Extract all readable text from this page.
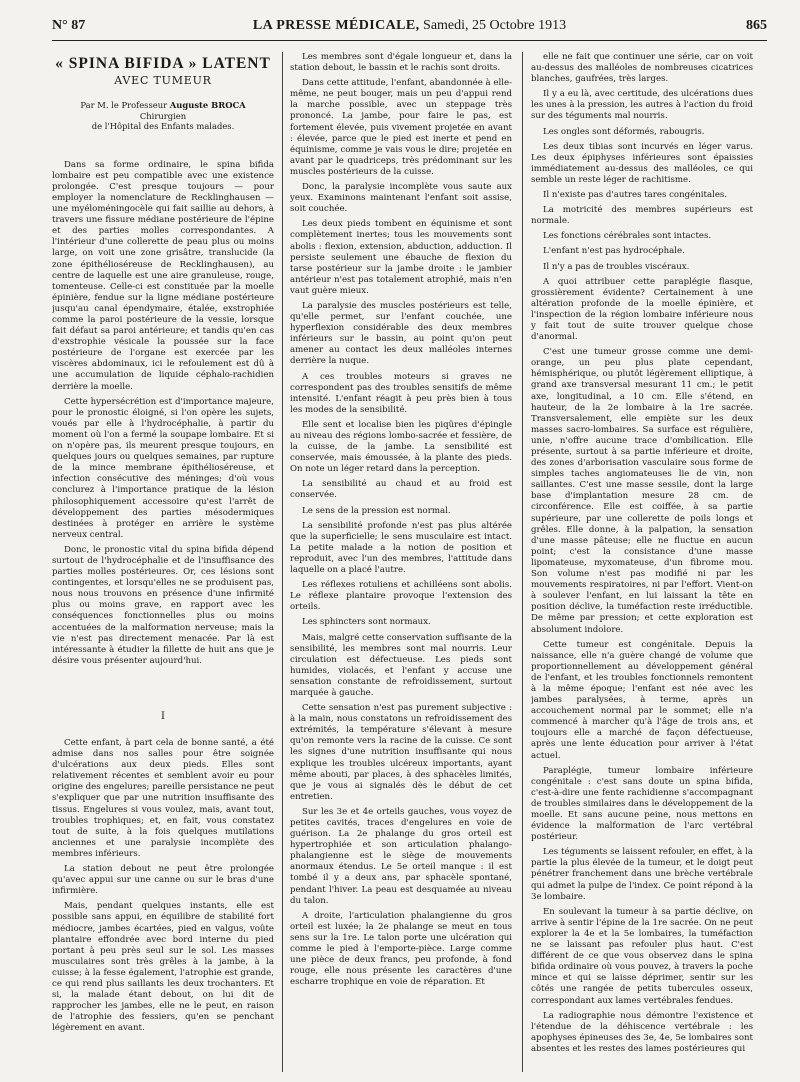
N° 87	LA PRESSE MÉDICALE, Samedi, 25 Octobre 1913	865
« SPINA BIFIDA » LATENT
AVEC TUMEUR
Par M. le Professeur Auguste BROCA
Chirurgien
de l'Hôpital des Enfants malades.

Dans sa forme ordinaire, le spina bifida lombaire est peu compatible avec une existence prolongée. C'est presque toujours — pour employer la nomenclature de Recklinghausen — une myéloméningocèle qui fait saillie au dehors, à travers une fissure médiane postérieure de l'épine et des parties molles correspondantes. A l'intérieur d'une collerette de peau plus ou moins large, on voit une zone grisâtre, translucide (la zone épithélioséreuse de Recklinghausen), au centre de laquelle est une aire granuleuse, rouge, tomenteuse. Celle-ci est constituée par la moelle épinière, fendue sur la ligne médiane postérieure jusqu'au canal épendymaire, étalée, exstrophiée comme la paroi postérieure de la vessie, lorsque fait défaut sa paroi antérieure; et tandis qu'en cas d'exstrophie vésicale la poussée sur la face postérieure de l'organe est exercée par les viscères abdominaux, ici le refoulement est dû à une accumulation de liquide céphalo-rachidien derrière la moelle.

Cette hypersécrétion est d'importance majeure, pour le pronostic éloigné, si l'on opère les sujets, voués par elle à l'hydrocéphalie, à partir du moment où l'on a fermé la soupape lombaire. Et si on n'opère pas, ils meurent presque toujours, en quelques jours ou quelques semaines, par rupture de la mince membrane épithélioséreuse, et infection consécutive des méninges; d'où vous conclurez à l'importance pratique de la lésion philosophiquement accessoire qu'est l'arrêt de développement des parties mésodermiques destinées à protéger en arrière le système nerveux central.

Donc, le pronostic vital du spina bifida dépend surtout de l'hydrocéphalie et de l'insuffisance des parties molles postérieures. Or, ces lésions sont contingentes, et lorsqu'elles ne se produisent pas, nous nous trouvons en présence d'une infirmité plus ou moins grave, en rapport avec les conséquences fonctionnelles plus ou moins accentuées de la malformation nerveuse; mais la vie n'est pas directement menacée. Par là est intéressante à étudier la fillette de huit ans que je désire vous présenter aujourd'hui.

I

Cette enfant, à part cela de bonne santé, a été admise dans nos salles pour être soignée d'ulcérations aux deux pieds. Elles sont relativement récentes et semblent avoir eu pour origine des engelures; pareille persistance ne peut s'expliquer que par une nutrition insuffisante des tissus. Engelures si vous voulez, mais, avant tout, troubles trophiques; et, en fait, vous constatez tout de suite, à la fois quelques mutilations anciennes et une paralysie incomplète des membres inférieurs.

La station debout ne peut être prolongée qu'avec appui sur une canne ou sur le bras d'une infirmière.

Mais, pendant quelques instants, elle est possible sans appui, en équilibre de stabilité fort médiocre, jambes écartées, pied en valgus, voûte plantaire effondrée avec bord interne du pied portant à peu près seul sur le sol. Les masses musculaires sont très grêles à la jambe, à la cuisse; à la fesse également, l'atrophie est grande, ce qui rend plus saillants les deux trochanters. Et si, la malade étant debout, on lui dit de rapprocher les jambes, elle ne le peut, en raison de l'atrophie des fessiers, qu'en se penchant légèrement en avant.

Les membres sont d'égale longueur et, dans la station debout, le bassin et le rachis sont droits.

Dans cette attitude, l'enfant, abandonnée à elle-même, ne peut bouger, mais un peu d'appui rend la marche possible, avec un steppage très prononcé. La jambe, pour faire le pas, est fortement élevée, puis vivement projetée en avant : élevée, parce que le pied est inerte et pend en équinisme, comme je vais vous le dire; projetée en avant par le quadriceps, très prédominant sur les muscles postérieurs de la cuisse.

Donc, la paralysie incomplète vous saute aux yeux. Examinons maintenant l'enfant soit assise, soit couchée.

Les deux pieds tombent en équinisme et sont complètement inertes; tous les mouvements sont abolis : flexion, extension, abduction, adduction. Il persiste seulement une ébauche de flexion du tarse postérieur sur la jambe droite : le jambier antérieur n'est pas totalement atrophié, mais n'en vaut guère mieux.

La paralysie des muscles postérieurs est telle, qu'elle permet, sur l'enfant couchée, une hyperflexion considérable des deux membres inférieurs sur le bassin, au point qu'on peut amener au contact les deux malléoles internes derrière la nuque.

A ces troubles moteurs si graves ne correspondent pas des troubles sensitifs de même intensité. L'enfant réagit à peu près bien à tous les modes de la sensibilité.

Elle sent et localise bien les piqûres d'épingle au niveau des régions lombo-sacrée et fessière, de la cuisse, de la jambe. La sensibilité est conservée, mais émoussée, à la plante des pieds. On note un léger retard dans la perception.

La sensibilité au chaud et au froid est conservée.

Le sens de la pression est normal.

La sensibilité profonde n'est pas plus altérée que la superficielle; le sens musculaire est intact. La petite malade a la notion de position et reproduit, avec l'un des membres, l'attitude dans laquelle on a placé l'autre.

Les réflexes rotuliens et achilléens sont abolis. Le réflexe plantaire provoque l'extension des orteils.

Les sphincters sont normaux.

Mais, malgré cette conservation suffisante de la sensibilité, les membres sont mal nourris. Leur circulation est défectueuse. Les pieds sont humides, violacés, et l'enfant y accuse une sensation constante de refroidissement, surtout marquée à gauche.

Cette sensation n'est pas purement subjective : à la main, nous constatons un refroidissement des extrémités, la température s'élevant à mesure qu'on remonte vers la racine de la cuisse. Ce sont les signes d'une nutrition insuffisante qui nous explique les troubles ulcéreux importants, ayant même abouti, par places, à des sphacèles limités, que je vous ai signalés dès le début de cet entretien.

Sur les 3e et 4e orteils gauches, vous voyez de petites cavités, traces d'engelures en voie de guérison. La 2e phalange du gros orteil est hypertrophiée et son articulation phalango-phalangienne est le siège de mouvements anormaux étendus. Le 5e orteil manque : il est tombé il y a deux ans, par sphacèle spontané, pendant l'hiver. La peau est desquamée au niveau du talon.

A droite, l'articulation phalangienne du gros orteil est luxée; la 2e phalange se meut en tous sens sur la 1re. Le talon porte une ulcération qui comme le pied à l'emporte-pièce. Large comme une pièce de deux francs, peu profonde, à fond rouge, elle nous présente les caractères d'une escharre trophique en voie de réparation. Et

elle ne fait que continuer une série, car on voit au-dessus des malléoles de nombreuses cicatrices blanches, gaufrées, très larges.

Il y a eu là, avec certitude, des ulcérations dues les unes à la pression, les autres à l'action du froid sur des téguments mal nourris.

Les ongles sont déformés, rabougris.

Les deux tibias sont incurvés en léger varus. Les deux épiphyses inférieures sont épaissies immédiatement au-dessus des malléoles, ce qui semble un reste léger de rachitisme.

Il n'existe pas d'autres tares congénitales.

La motricité des membres supérieurs est normale.

Les fonctions cérébrales sont intactes.

L'enfant n'est pas hydrocéphale.

Il n'y a pas de troubles viscéraux.

A quoi attribuer cette paraplégie flasque, grossièrement évidente? Certainement à une altération profonde de la moelle épinière, et l'inspection de la région lombaire inférieure nous y fait tout de suite trouver quelque chose d'anormal.

C'est une tumeur grosse comme une demi-orange, un peu plus plate cependant, hémisphérique, ou plutôt légèrement elliptique, à grand axe transversal mesurant 11 cm.; le petit axe, longitudinal, a 10 cm. Elle s'étend, en hauteur, de la 2e lombaire à la 1re sacrée. Transversalement, elle empiète sur les deux masses sacro-lombaires. Sa surface est régulière, unie, n'offre aucune trace d'ombilication. Elle présente, surtout à sa partie inférieure et droite, des zones d'arborisation vasculaire sous forme de simples taches angiomateuses lie de vin, non saillantes. C'est une masse sessile, dont la large base d'implantation mesure 28 cm. de circonférence. Elle est coiffée, à sa partie supérieure, par une collerette de poils longs et grêles. Elle donne, à la palpation, la sensation d'une masse pâteuse; elle ne fluctue en aucun point; c'est la consistance d'une masse lipomateuse, myxomateuse, d'un fibrome mou. Son volume n'est pas modifié ni par les mouvements respiratoires, ni par l'effort. Vient-on à soulever l'enfant, en lui laissant la tête en position déclive, la tuméfaction reste irréductible. De même par pression; et cette exploration est absolument indolore.

Cette tumeur est congénitale. Depuis la naissance, elle n'a guère changé de volume que proportionnellement au développement général de l'enfant, et les troubles fonctionnels remontent à la même époque; l'enfant est née avec les jambes paralysées, à terme, après un accouchement normal par le sommet; elle n'a commencé à marcher qu'à l'âge de trois ans, et toujours elle a marché de façon défectueuse, après une lente éducation pour arriver à l'état actuel.

Paraplégie, tumeur lombaire inférieure congénitale : c'est sans doute un spina bifida, c'est-à-dire une fente rachidienne s'accompagnant de troubles similaires dans le développement de la moelle. Et sans aucune peine, nous mettons en évidence la malformation de l'arc vertébral postérieur.

Les téguments se laissent refouler, en effet, à la partie la plus élevée de la tumeur, et le doigt peut pénétrer franchement dans une brèche vertébrale qui admet la pulpe de l'index. Ce point répond à la 3e lombaire.

En soulevant la tumeur à sa partie déclive, on arrive à sentir l'épine de la 1re sacrée. On ne peut explorer la 4e et la 5e lombaires, la tuméfaction ne se laissant pas refouler plus haut. C'est différent de ce que vous observez dans le spina bifida ordinaire où vous pouvez, à travers la poche mince et qui se laisse déprimer, sentir sur les côtés une rangée de petits tubercules osseux, correspondant aux lames vertébrales fendues.

La radiographie nous démontre l'existence et l'étendue de la déhiscence vertébrale : les apophyses épineuses des 3e, 4e, 5e lombaires sont absentes et les restes des lames postérieures qui
